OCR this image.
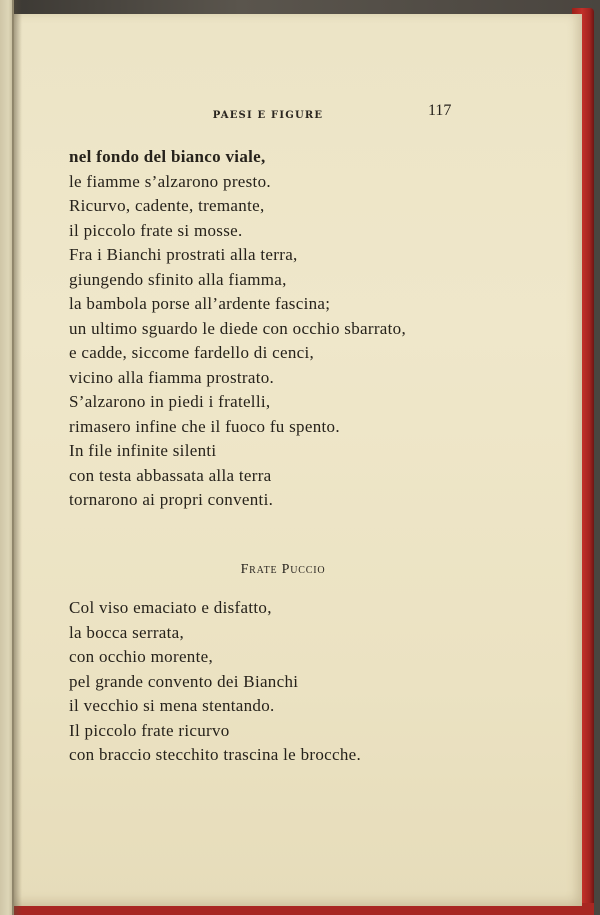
PAESI E FIGURE	117
nel fondo del bianco viale,
le fiamme s’alzarono presto.
Ricurvo, cadente, tremante,
il piccolo frate si mosse.
Fra i Bianchi prostrati alla terra,
giungendo sfinito alla fiamma,
la bambola porse all’ardente fascina;
un ultimo sguardo le diede con occhio sbarrato,
e cadde, siccome fardello di cenci,
vicino alla fiamma prostrato.
S’alzarono in piedi i fratelli,
rimasero infine che il fuoco fu spento.
In file infinite silenti
con testa abbassata alla terra
tornarono ai propri conventi.
Frate Puccio
Col viso emaciato e disfatto,
la bocca serrata,
con occhio morente,
pel grande convento dei Bianchi
il vecchio si mena stentando.
Il piccolo frate ricurvo
con braccio stecchito trascina le brocche.
